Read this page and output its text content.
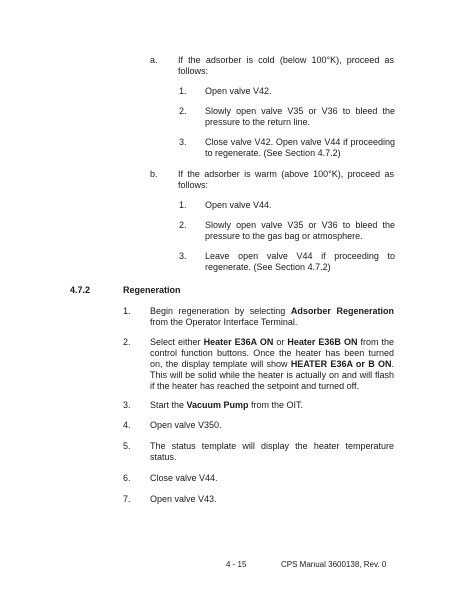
a. If the adsorber is cold (below 100°K), proceed as follows:
1. Open valve V42.
2. Slowly open valve V35 or V36 to bleed the pressure to the return line.
3. Close valve V42. Open valve V44 if proceeding to regenerate. (See Section 4.7.2)
b. If the adsorber is warm (above 100°K), proceed as follows:
1. Open valve V44.
2. Slowly open valve V35 or V36 to bleed the pressure to the gas bag or atmosphere.
3. Leave open valve V44 if proceeding to regenerate. (See Section 4.7.2)
4.7.2	Regeneration
1. Begin regeneration by selecting Adsorber Regeneration from the Operator Interface Terminal.
2. Select either Heater E36A ON or Heater E36B ON from the control function buttons. Once the heater has been turned on, the display template will show HEATER E36A or B ON. This will be solid while the heater is actually on and will flash if the heater has reached the setpoint and turned off.
3. Start the Vacuum Pump from the OIT.
4. Open valve V350.
5. The status template will display the heater temperature status.
6. Close valve V44.
7. Open valve V43.
4 - 15	CPS Manual 3600138, Rev. 0
